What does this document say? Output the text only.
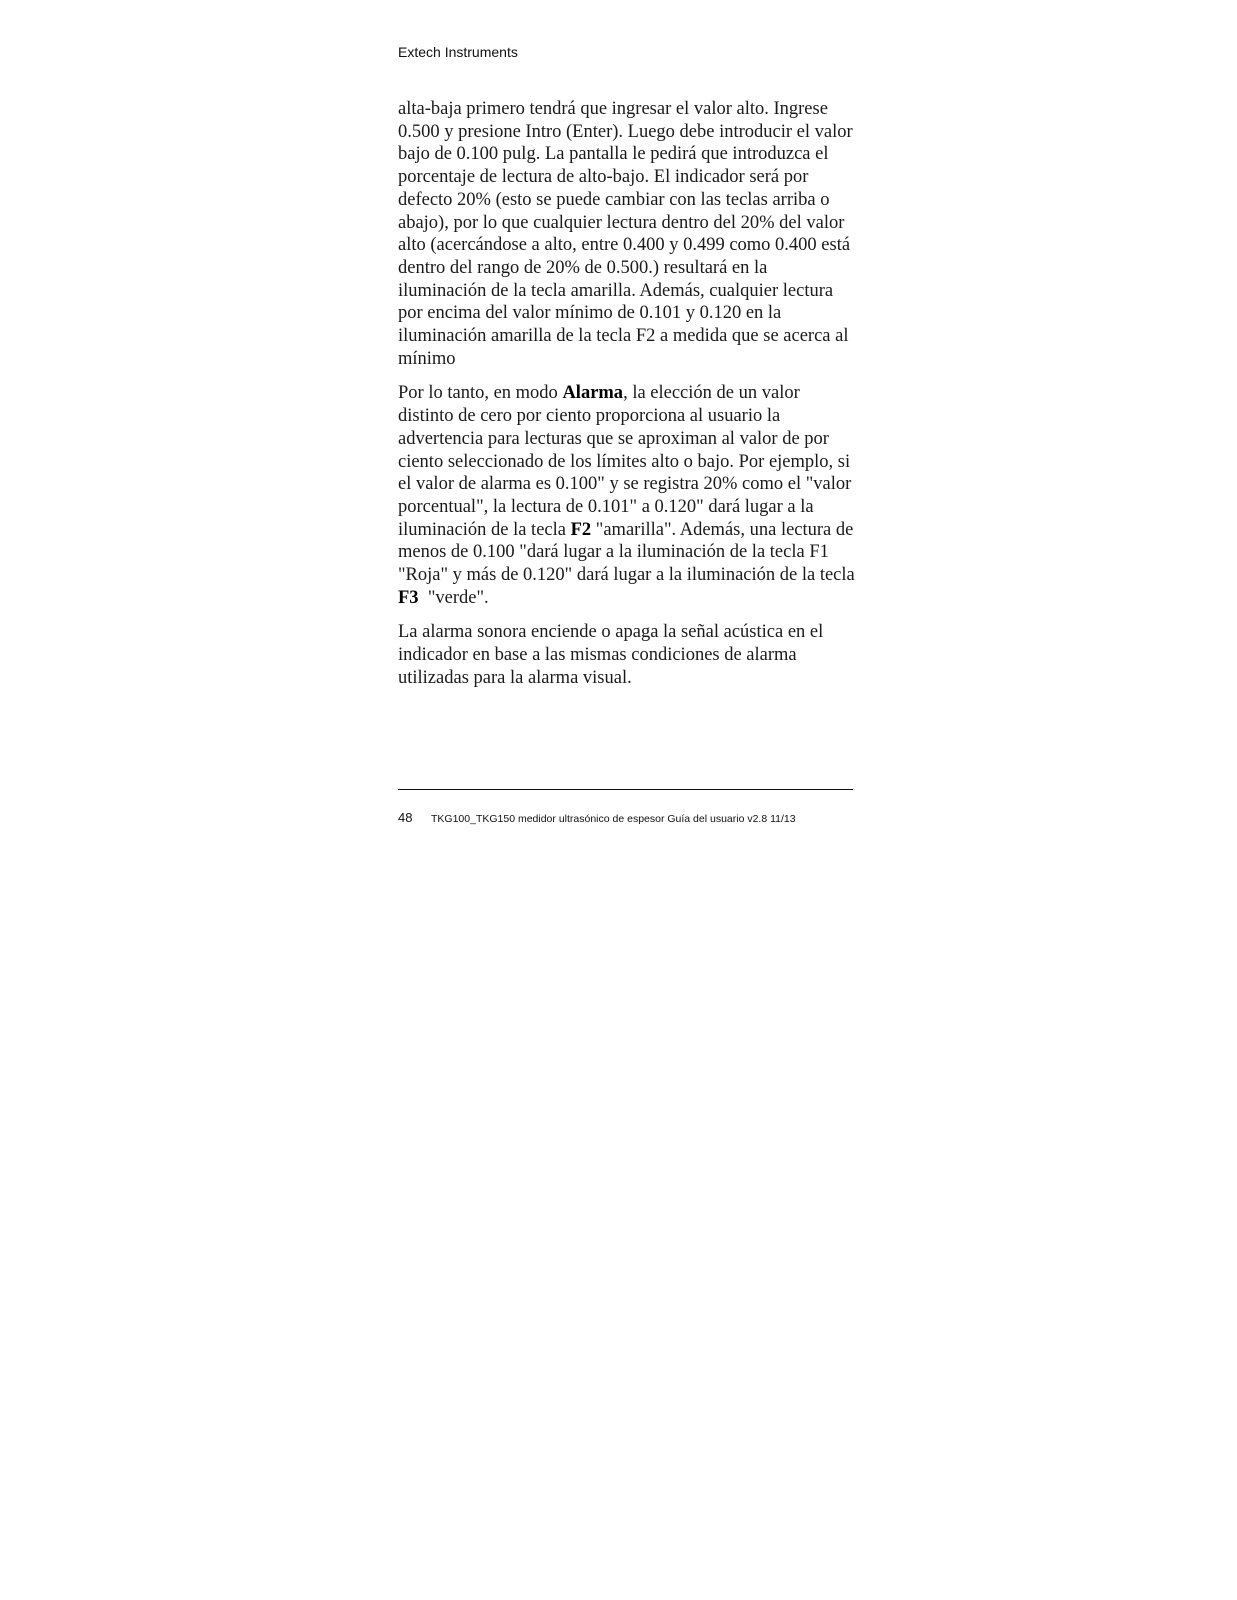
Extech Instruments

alta-baja primero tendrá que ingresar el valor alto. Ingrese 0.500 y presione Intro (Enter). Luego debe introducir el valor bajo de 0.100 pulg. La pantalla le pedirá que introduzca el porcentaje de lectura de alto-bajo. El indicador será por defecto 20% (esto se puede cambiar con las teclas arriba o abajo), por lo que cualquier lectura dentro del 20% del valor alto (acercándose a alto, entre 0.400 y 0.499 como 0.400 está dentro del rango de 20% de 0.500.) resultará en la iluminación de la tecla amarilla. Además, cualquier lectura por encima del valor mínimo de 0.101 y 0.120 en la iluminación amarilla de la tecla F2 a medida que se acerca al mínimo

Por lo tanto, en modo Alarma, la elección de un valor distinto de cero por ciento proporciona al usuario la advertencia para lecturas que se aproximan al valor de por ciento seleccionado de los límites alto o bajo. Por ejemplo, si el valor de alarma es 0.100" y se registra 20% como el "valor porcentual", la lectura de 0.101" a 0.120" dará lugar a la iluminación de la tecla F2 "amarilla". Además, una lectura de menos de 0.100 "dará lugar a la iluminación de la tecla F1 "Roja" y más de 0.120" dará lugar a la iluminación de la tecla F3  "verde".

La alarma sonora enciende o apaga la señal acústica en el indicador en base a las mismas condiciones de alarma utilizadas para la alarma visual.

48 TKG100_TKG150 medidor ultrasónico de espesor Guía del usuario v2.8 11/13
